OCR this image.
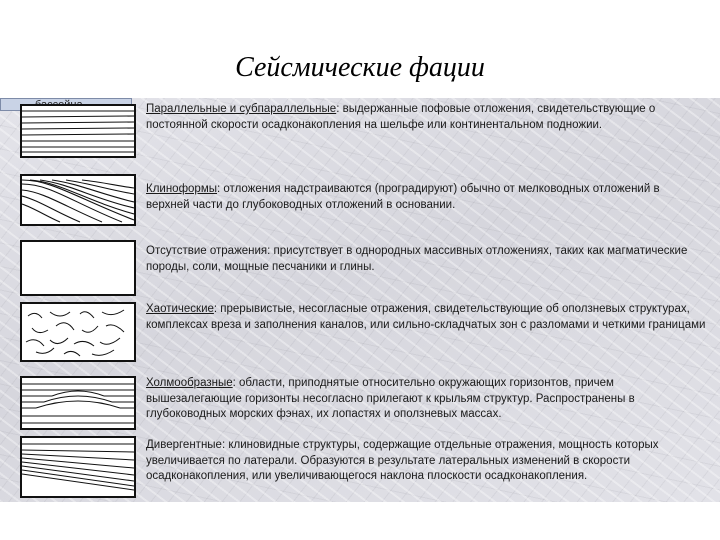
Сейсмические фации
Параллельные и субпараллельные: выдержанные пофовые отложения, свидетельствующие о постоянной скорости осадконакопления на шельфе или континентальном подножии.
Клиноформы: отложения надстраиваются (проградируют) обычно от мелководных отложений в верхней части до глубоководных отложений в основании.
Отсутствие отражения: присутствует в однородных массивных отложениях, таких как магматические породы, соли, мощные песчаники и глины.
Хаотические: прерывистые, несогласные отражения, свидетельствующие об оползневых структурах, комплексах вреза и заполнения каналов, или сильно-складчатых зон с разломами и четкими границами
Холмообразные: области, приподнятые относительно окружающих горизонтов, причем вышезалегающие горизонты несогласно прилегают к крыльям структур. Распространены в глубоководных морских фэнах, их лопастях и оползневых массах.
Дивергентные: клиновидные структуры, содержащие отдельные отражения, мощность которых увеличивается по латерали. Образуются в результате латеральных изменений в скорости осадконакопления, или увеличивающегося наклона плоскости осадконакопления.
